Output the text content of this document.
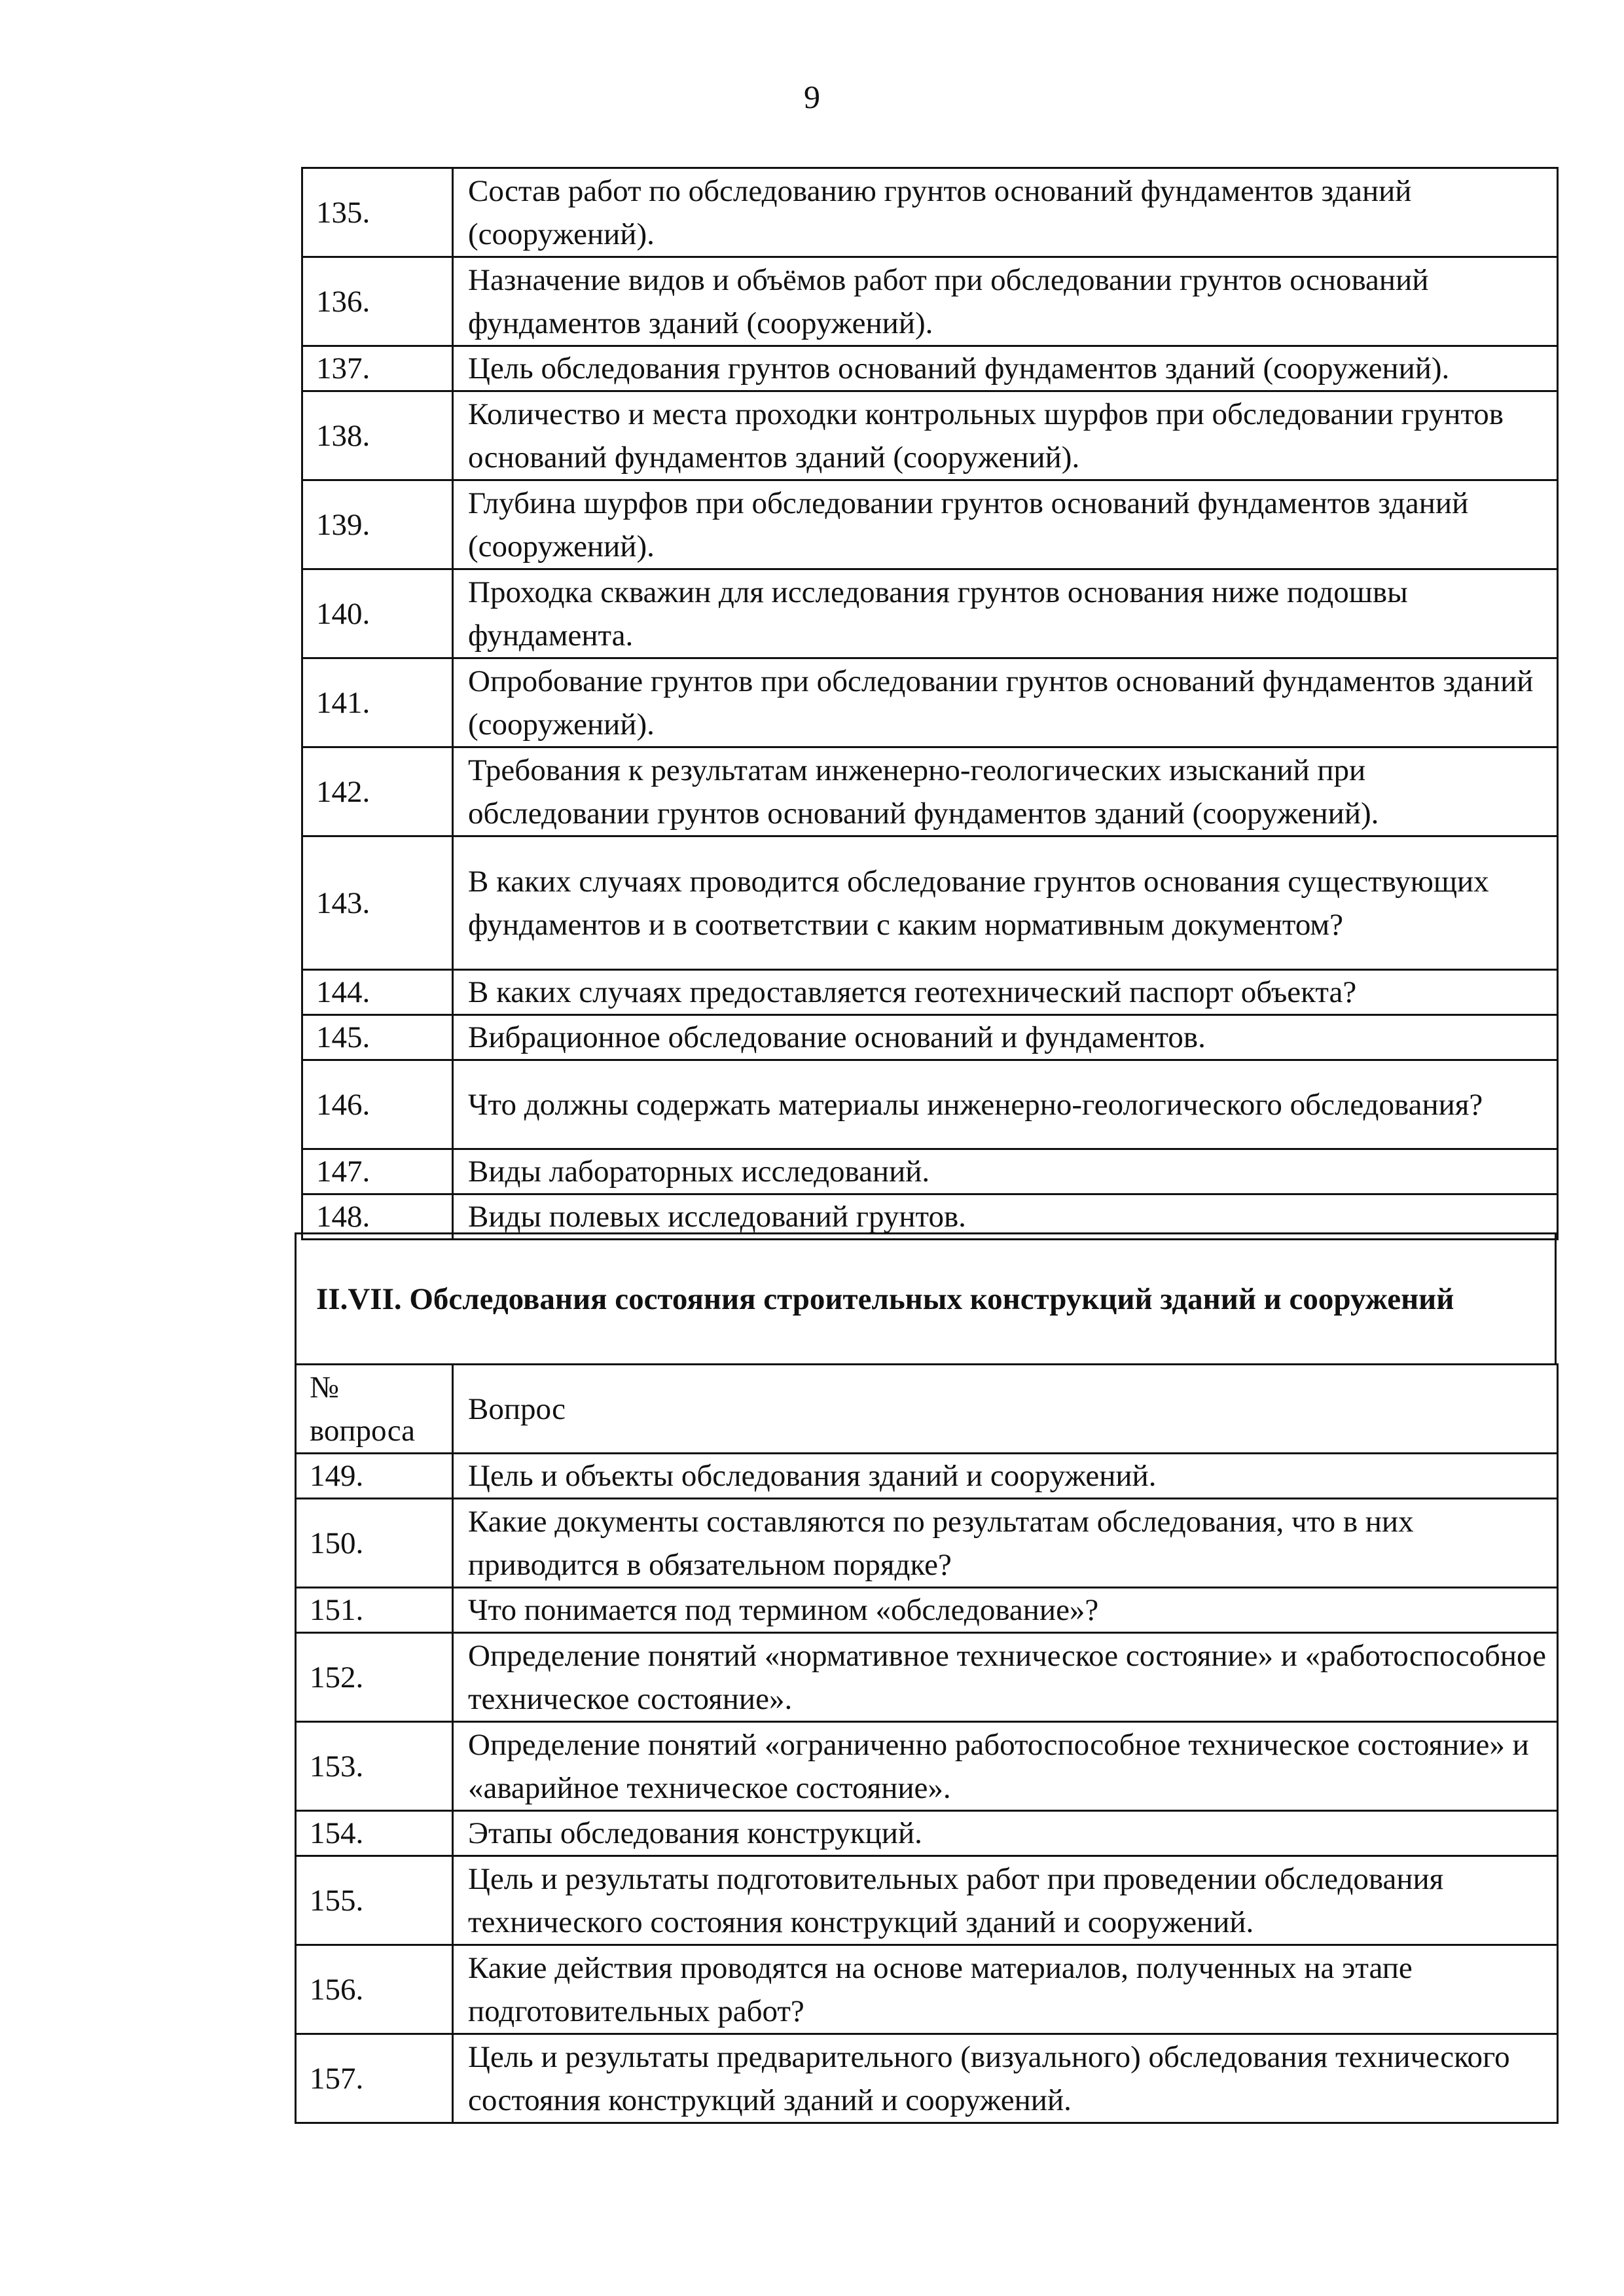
9
135.	Состав работ по обследованию грунтов оснований фундаментов зданий (сооружений).
136.	Назначение видов и объёмов работ при обследовании грунтов оснований фундаментов зданий (сооружений).
137.	Цель обследования грунтов оснований фундаментов зданий (сооружений).
138.	Количество и места проходки контрольных шурфов при обследовании грунтов оснований фундаментов зданий (сооружений).
139.	Глубина шурфов при обследовании грунтов оснований фундаментов зданий (сооружений).
140.	Проходка скважин для исследования грунтов основания ниже подошвы фундамента.
141.	Опробование грунтов при обследовании грунтов оснований фундаментов зданий (сооружений).
142.	Требования к результатам инженерно-геологических изысканий при обследовании грунтов оснований фундаментов зданий (сооружений).
143.	В каких случаях проводится обследование грунтов основания существующих фундаментов и в соответствии с каким нормативным документом?
144.	В каких случаях предоставляется геотехнический паспорт объекта?
145.	Вибрационное обследование оснований и фундаментов.
146.	Что должны содержать материалы инженерно-геологического обследования?
147.	Виды лабораторных исследований.
148.	Виды полевых исследований грунтов.
II.VII. Обследования состояния строительных конструкций зданий и сооружений
№
вопроса	Вопрос
149.	Цель и объекты обследования зданий и сооружений.
150.	Какие документы составляются по результатам обследования, что в них приводится в обязательном порядке?
151.	Что понимается под термином «обследование»?
152.	Определение понятий «нормативное техническое состояние» и «работоспособное техническое состояние».
153.	Определение понятий «ограниченно работоспособное техническое состояние» и «аварийное техническое состояние».
154.	Этапы обследования конструкций.
155.	Цель и результаты подготовительных работ при проведении обследования технического состояния конструкций зданий и сооружений.
156.	Какие действия проводятся на основе материалов, полученных на этапе подготовительных работ?
157.	Цель и результаты предварительного (визуального) обследования технического состояния конструкций зданий и сооружений.
